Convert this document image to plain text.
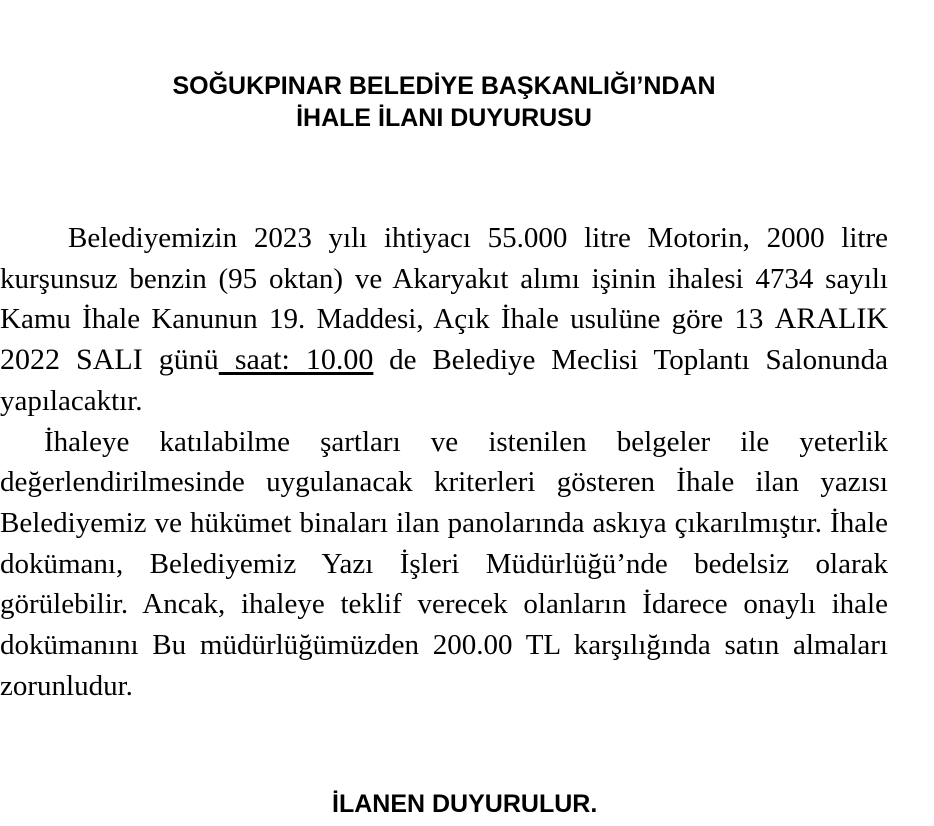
SOĞUKPINAR BELEDİYE BAŞKANLIĞI’NDAN
İHALE İLANI DUYURUSU

Belediyemizin 2023 yılı ihtiyacı 55.000 litre Motorin, 2000 litre kurşunsuz benzin (95 oktan) ve Akaryakıt alımı işinin ihalesi 4734 sayılı Kamu İhale Kanunun 19. Maddesi, Açık İhale usulüne göre 13 ARALIK 2022 SALI günü saat: 10.00 de Belediye Meclisi Toplantı Salonunda yapılacaktır.

İhaleye katılabilme şartları ve istenilen belgeler ile yeterlik değerlendirilmesinde uygulanacak kriterleri gösteren İhale ilan yazısı Belediyemiz ve hükümet binaları ilan panolarında askıya çıkarılmıştır. İhale dokümanı, Belediyemiz Yazı İşleri Müdürlüğü’nde bedelsiz olarak görülebilir. Ancak, ihaleye teklif verecek olanların İdarece onaylı ihale dokümanını Bu müdürlüğümüzden 200.00 TL karşılığında satın almaları zorunludur.

İLANEN DUYURULUR.
